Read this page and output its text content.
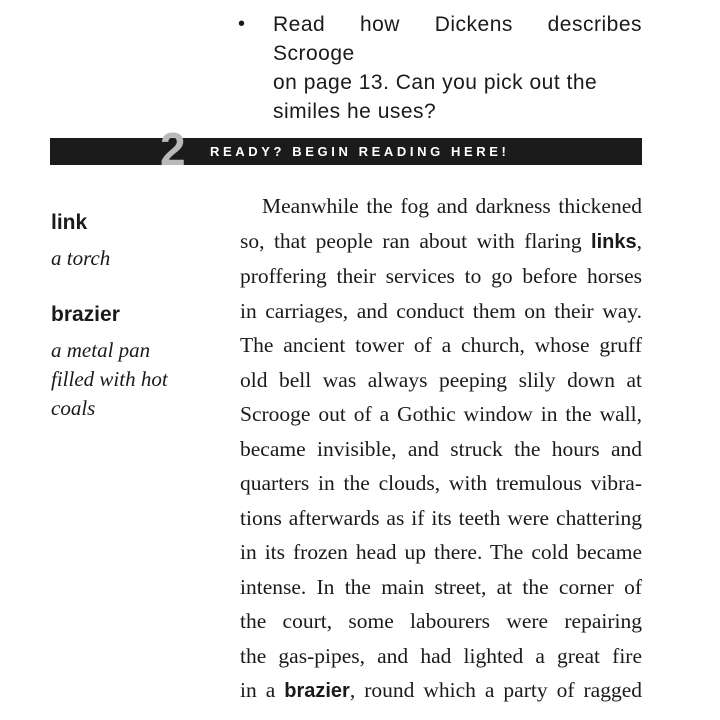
• Read how Dickens describes Scrooge
on page 13. Can you pick out the
similes he uses?
2 READY? BEGIN READING HERE!
link
a torch
brazier
a metal pan
filled with hot
coals
Meanwhile the fog and darkness thickened
so, that people ran about with flaring links,
proffering their services to go before horses
in carriages, and conduct them on their way.
The ancient tower of a church, whose gruff
old bell was always peeping slily down at
Scrooge out of a Gothic window in the wall,
became invisible, and struck the hours and
quarters in the clouds, with tremulous vibra-
tions afterwards as if its teeth were chattering
in its frozen head up there. The cold became
intense. In the main street, at the corner of
the court, some labourers were repairing
the gas-pipes, and had lighted a great fire
in a brazier, round which a party of ragged
